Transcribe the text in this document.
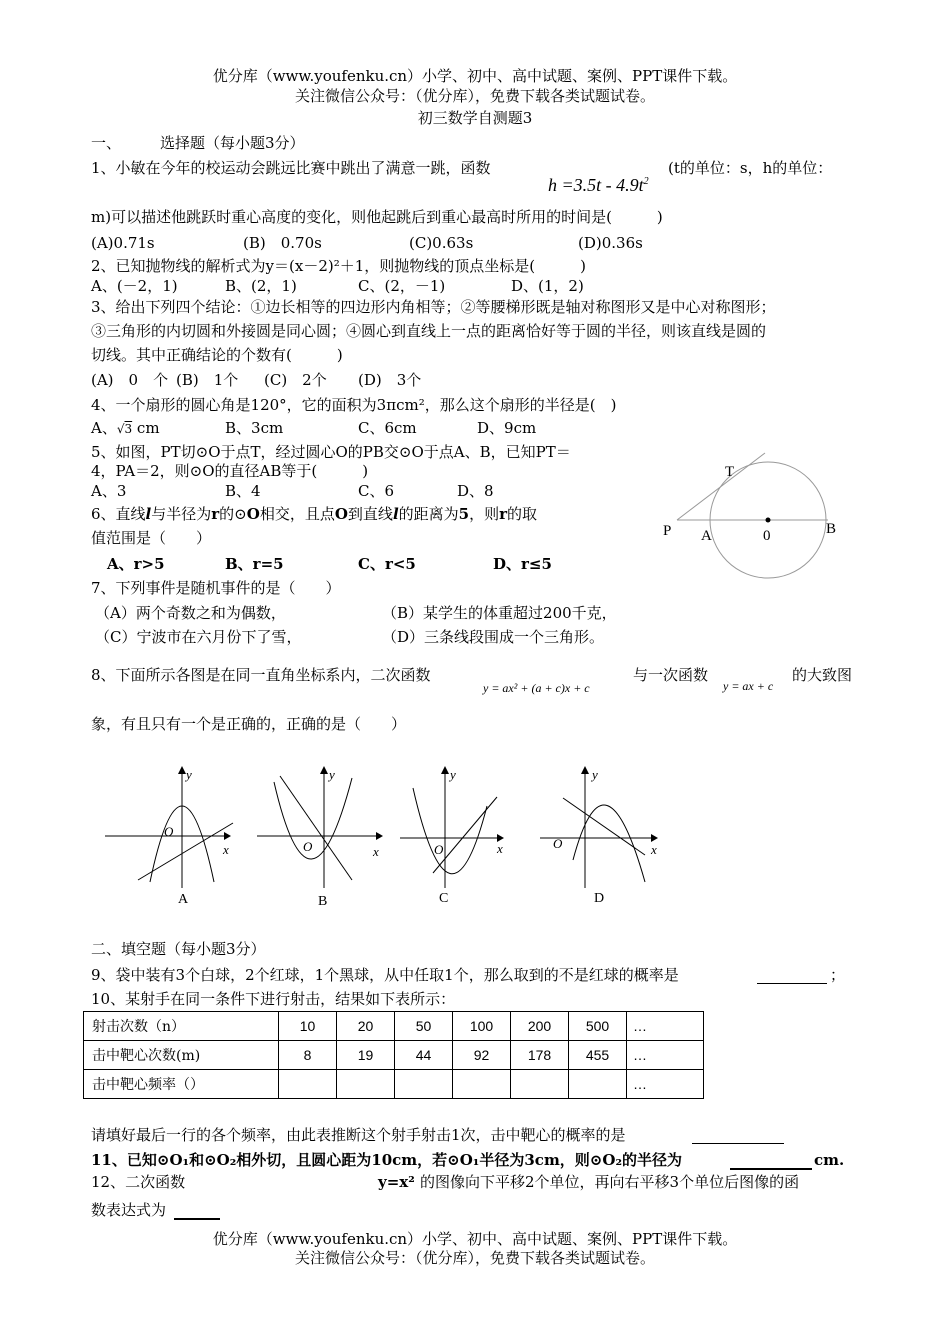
优分库（www.youfenku.cn）小学、初中、高中试题、案例、PPT课件下载。
关注微信公众号：（优分库），免费下载各类试题试卷。
初三数学自测题3
一、	选择题（每小题3分）
1、小敏在今年的校运动会跳远比赛中跳出了满意一跳，函数
$h =3.5t - 4.9t^2$
(t的单位：s，h的单位：
m)可以描述他跳跃时重心高度的变化，则他起跳后到重心最高时所用的时间是(　　　)
(A)0.71s	(B)　0.70s	(C)0.63s	(D)0.36s
2、已知抛物线的解析式为y＝(x－2)²＋1，则抛物线的顶点坐标是(　　　)
A、(－2，1)	B、(2，1)	C、(2，－1)	D、(1，2)
3、给出下列四个结论：①边长相等的四边形内角相等；②等腰梯形既是轴对称图形又是中心对称图形；
③三角形的内切圆和外接圆是同心圆；④圆心到直线上一点的距离恰好等于圆的半径，则该直线是圆的
切线。其中正确结论的个数有(　　　)
(A)　0　个 (B)　1个 (C)　2个 (D)　3个
4、一个扇形的圆心角是120°，它的面积为3πcm²，那么这个扇形的半径是(　)
A、√3 cm	B、3cm	C、6cm	D、9cm
5、如图，PT切⊙O于点T，经过圆心O的PB交⊙O于点A、B，已知PT＝
4，PA＝2，则⊙O的直径AB等于(　　　)
A、3	B、4	C、6	D、8
T
P A	0	B
6、直线l与半径为r的⊙O相交，且点O到直线l的距离为5，则r的取
值范围是（　　）
A、r>5	B、r=5	C、r<5	D、r≤5
7、下列事件是随机事件的是（　　）
（A）两个奇数之和为偶数，	（B）某学生的体重超过200千克，
（C）宁波市在六月份下了雪，	（D）三条线段围成一个三角形。
8、下面所示各图是在同一直角坐标系内，二次函数
y = ax² + (a + c)x + c
与一次函数
y = ax + c
的大致图
象，有且只有一个是正确的，正确的是（　　）
y
x
O
A
y
x
O
B
y
x
O
C
y
x
O
D
二、填空题（每小题3分）
9、袋中装有3个白球，2个红球，1个黑球，从中任取1个，那么取到的不是红球的概率是	；
10、某射手在同一条件下进行射击，结果如下表所示：
射击次数（n）	10	20	50	100	200	500	…
击中靶心次数(m)	8	19	44	92	178	455	…
击中靶心频率（）							…
请填好最后一行的各个频率，由此表推断这个射手射击1次，击中靶心的概率的是
11、已知⊙O₁和⊙O₂相外切，且圆心距为10cm，若⊙O₁半径为3cm，则⊙O₂的半径为	cm.
12、二次函数	y=x² 的图像向下平移2个单位，再向右平移3个单位后图像的函
数表达式为
优分库（www.youfenku.cn）小学、初中、高中试题、案例、PPT课件下载。
关注微信公众号：（优分库），免费下载各类试题试卷。
